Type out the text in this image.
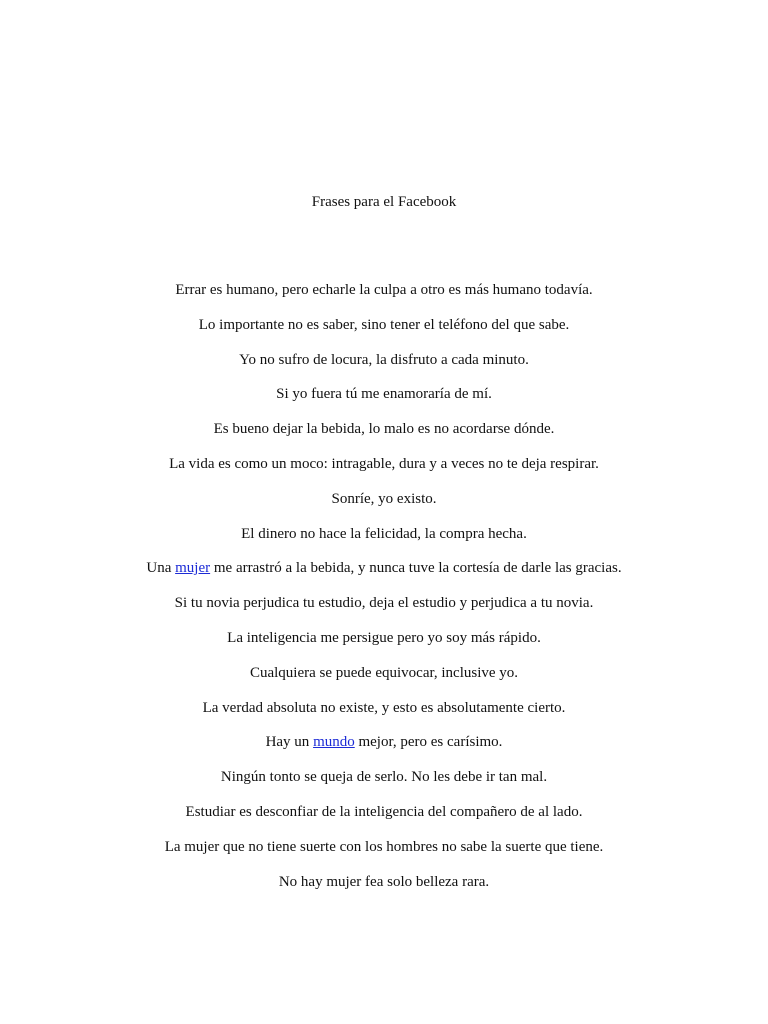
Frases para el Facebook
Errar es humano, pero echarle la culpa a otro es más humano todavía.
Lo importante no es saber, sino tener el teléfono del que sabe.
Yo no sufro de locura, la disfruto a cada minuto.
Si yo fuera tú me enamoraría de mí.
Es bueno dejar la bebida, lo malo es no acordarse dónde.
La vida es como un moco: intragable, dura y a veces no te deja respirar.
Sonríe, yo existo.
El dinero no hace la felicidad, la compra hecha.
Una mujer me arrastró a la bebida, y nunca tuve la cortesía de darle las gracias.
Si tu novia perjudica tu estudio, deja el estudio y perjudica a tu novia.
La inteligencia me persigue pero yo soy más rápido.
Cualquiera se puede equivocar, inclusive yo.
La verdad absoluta no existe, y esto es absolutamente cierto.
Hay un mundo mejor, pero es carísimo.
Ningún tonto se queja de serlo. No les debe ir tan mal.
Estudiar es desconfiar de la inteligencia del compañero de al lado.
La mujer que no tiene suerte con los hombres no sabe la suerte que tiene.
No hay mujer fea solo belleza rara.
